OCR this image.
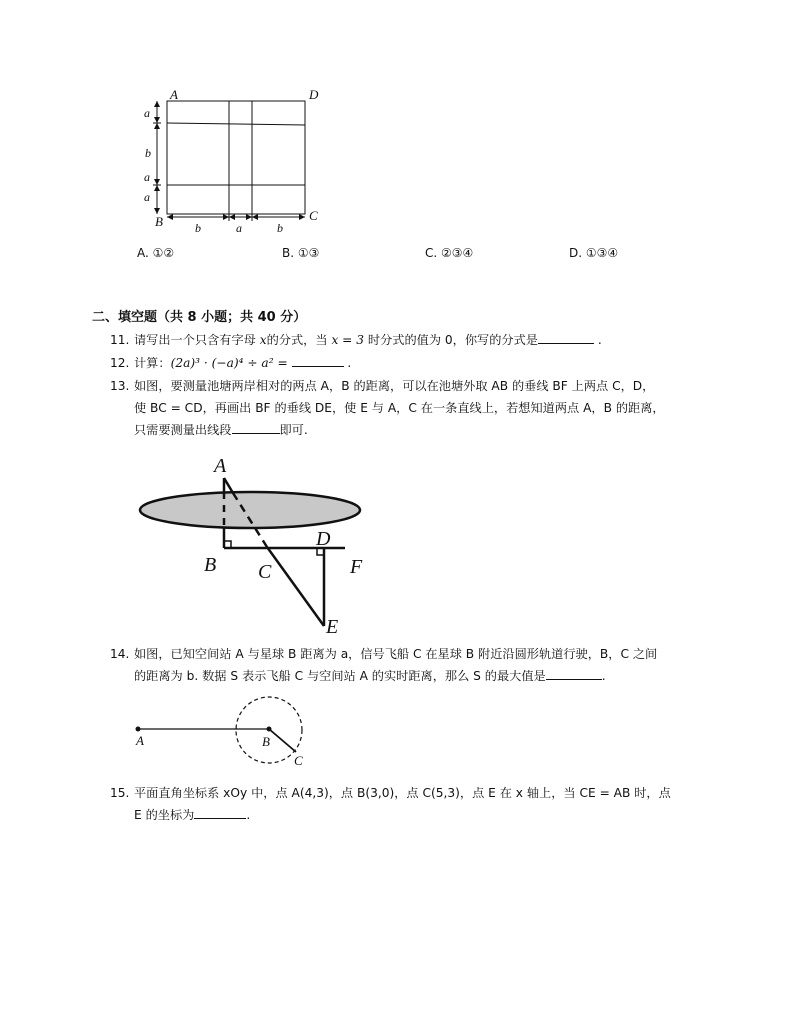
A	D
B	C
a
b
a
a
b	a	b
A. ①②	B. ①③	C. ②③④	D. ①③④
二、填空题（共 8 小题；共 40 分）
11. 请写出一个只含有字母 x的分式，当 x = 3 时分式的值为 0，你写的分式是	.
12. 计算：(2a)³ · (−a)⁴ ÷ a² =	.
13. 如图，要测量池塘两岸相对的两点 A，B 的距离，可以在池塘外取 AB 的垂线 BF 上两点 C，D，
使 BC = CD，再画出 BF 的垂线 DE，使 E 与 A，C 在一条直线上，若想知道两点 A，B 的距离，
只需要测量出线段	即可.
A
B C
D
F
E
14. 如图，已知空间站 A 与星球 B 距离为 a，信号飞船 C 在星球 B 附近沿圆形轨道行驶，B，C 之间
的距离为 b. 数据 S 表示飞船 C 与空间站 A 的实时距离，那么 S 的最大值是	.
A	B
C
15. 平面直角坐标系 xOy 中，点 A(4,3)，点 B(3,0)，点 C(5,3)，点 E 在 x 轴上，当 CE = AB 时，点
E 的坐标为	.
